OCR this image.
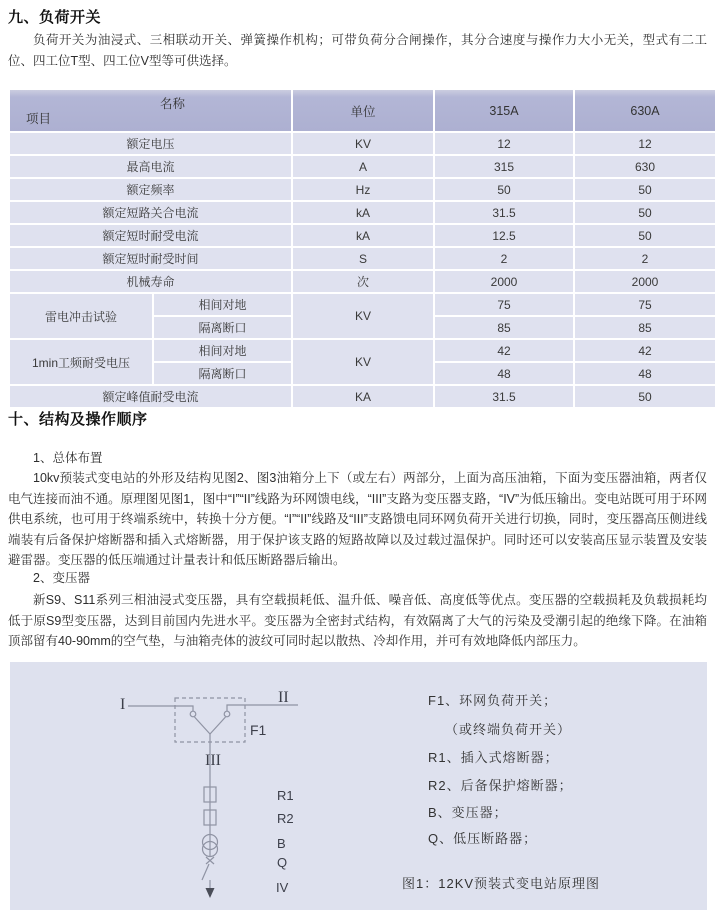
九、负荷开关

负荷开关为油浸式、三相联动开关、弹簧操作机构；可带负荷分合闸操作，其分合速度与操作力大小无关，型式有二工位、四工位T型、四工位V型等可供选择。

名称
项目		单位	315A	630A
额定电压		KV	12	12
最高电流		A	315	630
额定频率		Hz	50	50
额定短路关合电流		kA	31.5	50
额定短时耐受电流		kA	12.5	50
额定短时耐受时间		S	2	2
机械寿命		次	2000	2000
雷电冲击试验	相间对地	KV	75	75
	隔离断口		85	85
1min工频耐受电压	相间对地	KV	42	42
	隔离断口		48	48
额定峰值耐受电流		KA	31.5	50
十、结构及操作顺序

1、总体布置

10kv预装式变电站的外形及结构见图2、图3油箱分上下（或左右）两部分，上面为高压油箱，下面为变压器油箱，两者仅电气连接而油不通。原理图见图1，图中“I”“II”线路为环网馈电线，“III”支路为变压器支路，“IV”为低压输出。变电站既可用于环网供电系统，也可用于终端系统中，转换十分方便。“I”“II”线路及“III”支路馈电同环网负荷开关进行切换，同时，变压器高压侧进线端装有后备保护熔断器和插入式熔断器，用于保护该支路的短路故障以及过载过温保护。同时还可以安装高压显示装置及安装避雷器。变压器的低压端通过计量表计和低压断路器后输出。

2、变压器

新S9、S11系列三相油浸式变压器，具有空载损耗低、温升低、噪音低、高度低等优点。变压器的空载损耗及负载损耗均低于原S9型变压器，达到目前国内先进水平。变压器为全密封式结构，有效隔离了大气的污染及受潮引起的绝缘下降。在油箱顶部留有40-90mm的空气垫，与油箱壳体的波纹可同时起以散热、冷却作用，并可有效地降低内部压力。

I	II
F1
III
R1
R2
B
Q
IV
F1、环网负荷开关；
（或终端负荷开关）
R1、插入式熔断器；
R2、后备保护熔断器；
B、变压器；
Q、低压断路器；
图1：12KV预装式变电站原理图
